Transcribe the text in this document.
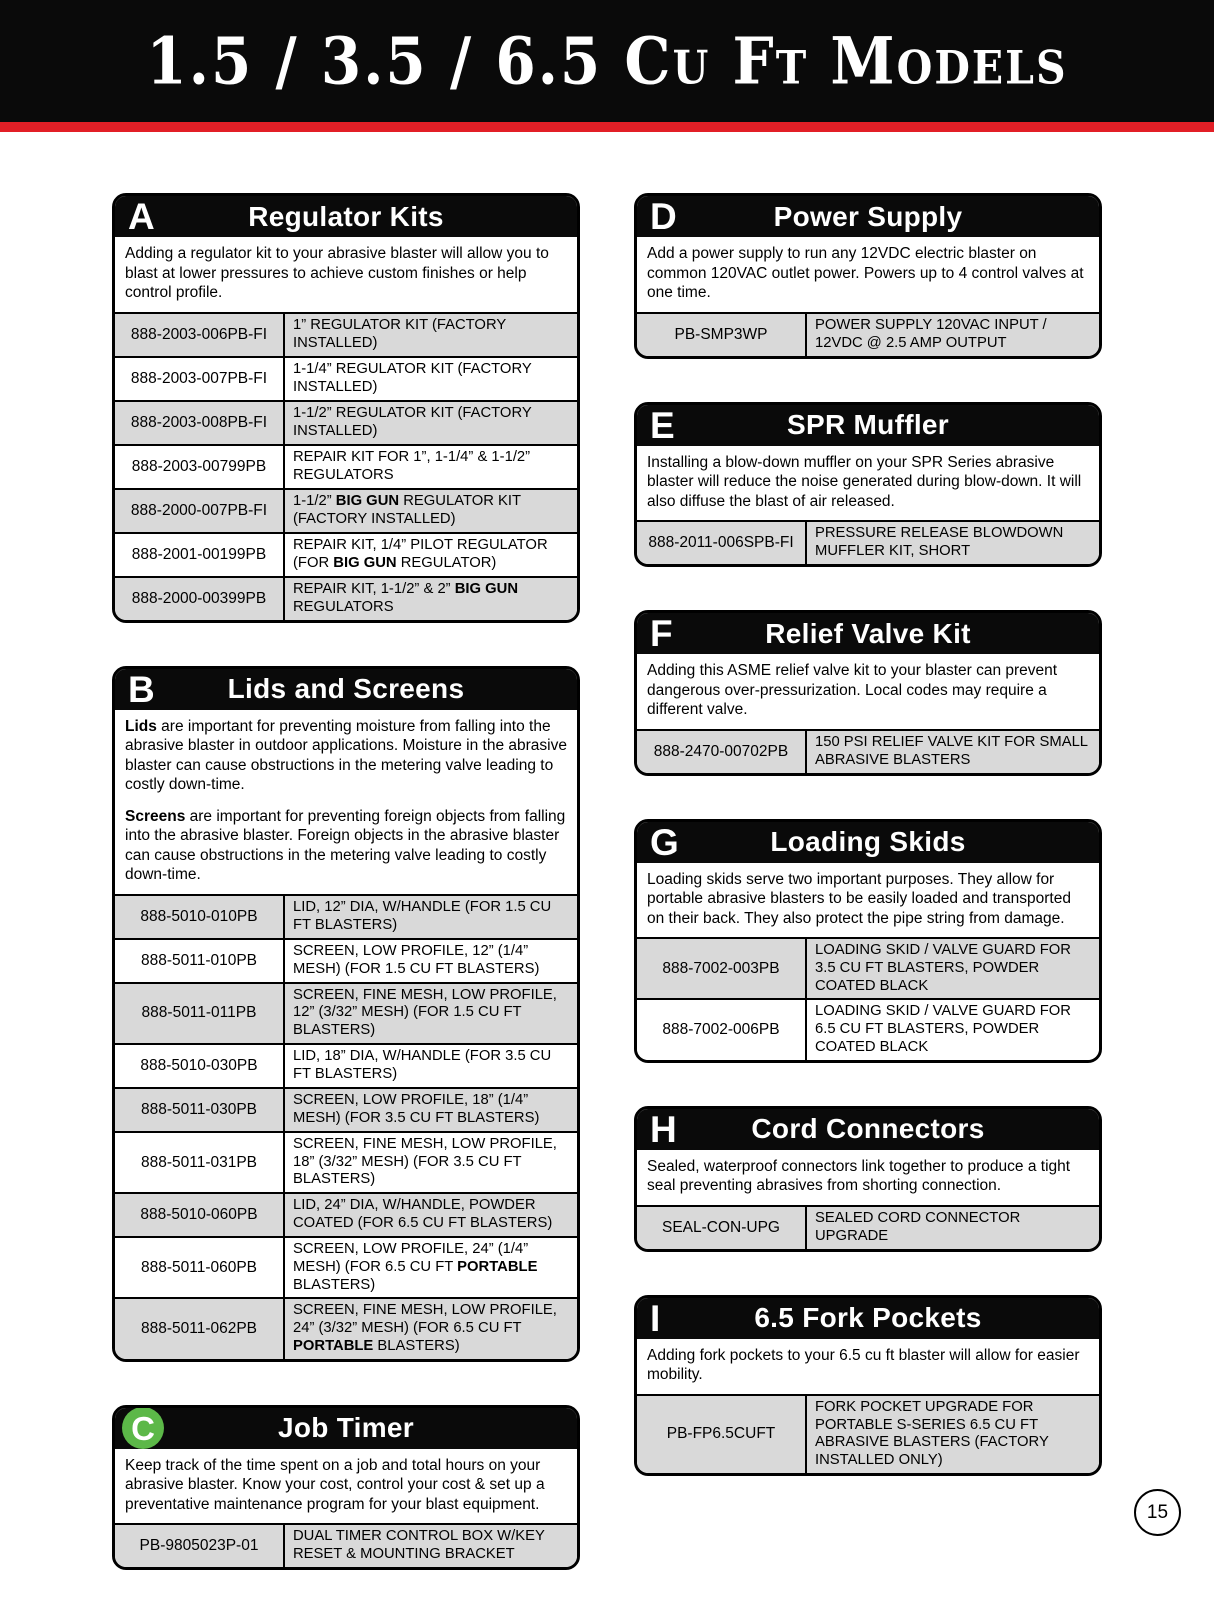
1.5 / 3.5 / 6.5 Cu Ft Models
A	Regulator Kits

Adding a regulator kit to your abrasive blaster will allow you to blast at lower pressures to achieve custom finishes or help control profile.

888-2003-006PB-FI	1” REGULATOR KIT (FACTORY INSTALLED)
888-2003-007PB-FI	1-1/4” REGULATOR KIT (FACTORY INSTALLED)
888-2003-008PB-FI	1-1/2” REGULATOR KIT (FACTORY INSTALLED)
888-2003-00799PB	REPAIR KIT FOR 1”, 1-1/4” & 1-1/2” REGULATORS
888-2000-007PB-FI	1-1/2” BIG GUN REGULATOR KIT (FACTORY INSTALLED)
888-2001-00199PB	REPAIR KIT, 1/4” PILOT REGULATOR (FOR BIG GUN REGULATOR)
888-2000-00399PB	REPAIR KIT, 1-1/2” & 2” BIG GUN REGULATORS
B	Lids and Screens

Lids are important for preventing moisture from falling into the abrasive blaster in outdoor applications. Moisture in the abrasive blaster can cause obstructions in the metering valve leading to costly down-time.

Screens are important for preventing foreign objects from falling into the abrasive blaster. Foreign objects in the abrasive blaster can cause obstructions in the metering valve leading to costly down-time.

888-5010-010PB	LID, 12” DIA, W/HANDLE (FOR 1.5 CU FT BLASTERS)
888-5011-010PB	SCREEN, LOW PROFILE, 12” (1/4” MESH) (FOR 1.5 CU FT BLASTERS)
888-5011-011PB	SCREEN, FINE MESH, LOW PROFILE, 12” (3/32” MESH) (FOR 1.5 CU FT BLASTERS)
888-5010-030PB	LID, 18” DIA, W/HANDLE (FOR 3.5 CU FT BLASTERS)
888-5011-030PB	SCREEN, LOW PROFILE, 18” (1/4” MESH) (FOR 3.5 CU FT BLASTERS)
888-5011-031PB	SCREEN, FINE MESH, LOW PROFILE, 18” (3/32” MESH) (FOR 3.5 CU FT BLASTERS)
888-5010-060PB	LID, 24” DIA, W/HANDLE, POWDER COATED (FOR 6.5 CU FT BLASTERS)
888-5011-060PB	SCREEN, LOW PROFILE, 24” (1/4” MESH) (FOR 6.5 CU FT PORTABLE BLASTERS)
888-5011-062PB	SCREEN, FINE MESH, LOW PROFILE, 24” (3/32” MESH) (FOR 6.5 CU FT PORTABLE BLASTERS)
C	Job Timer

Keep track of the time spent on a job and total hours on your abrasive blaster. Know your cost, control your cost & set up a preventative maintenance program for your blast equipment.

PB-9805023P-01	DUAL TIMER CONTROL BOX W/KEY RESET & MOUNTING BRACKET
D	Power Supply

Add a power supply to run any 12VDC electric blaster on common 120VAC outlet power. Powers up to 4 control valves at one time.

PB-SMP3WP	POWER SUPPLY 120VAC INPUT / 12VDC @ 2.5 AMP OUTPUT
E	SPR Muffler

Installing a blow-down muffler on your SPR Series abrasive blaster will reduce the noise generated during blow-down. It will also diffuse the blast of air released.

888-2011-006SPB-FI	PRESSURE RELEASE BLOWDOWN MUFFLER KIT, SHORT
F	Relief Valve Kit

Adding this ASME relief valve kit to your blaster can prevent dangerous over-pressurization. Local codes may require a different valve.

888-2470-00702PB	150 PSI RELIEF VALVE KIT FOR SMALL ABRASIVE BLASTERS
G	Loading Skids

Loading skids serve two important purposes. They allow for portable abrasive blasters to be easily loaded and transported on their back. They also protect the pipe string from damage.

888-7002-003PB	LOADING SKID / VALVE GUARD FOR 3.5 CU FT BLASTERS, POWDER COATED BLACK
888-7002-006PB	LOADING SKID / VALVE GUARD FOR 6.5 CU FT BLASTERS, POWDER COATED BLACK
H	Cord Connectors

Sealed, waterproof connectors link together to produce a tight seal preventing abrasives from shorting connection.

SEAL-CON-UPG	SEALED CORD CONNECTOR UPGRADE
I	6.5 Fork Pockets

Adding fork pockets to your 6.5 cu ft blaster will allow for easier mobility.

PB-FP6.5CUFT	FORK POCKET UPGRADE FOR PORTABLE S-SERIES 6.5 CU FT ABRASIVE BLASTERS (FACTORY INSTALLED ONLY)
15
